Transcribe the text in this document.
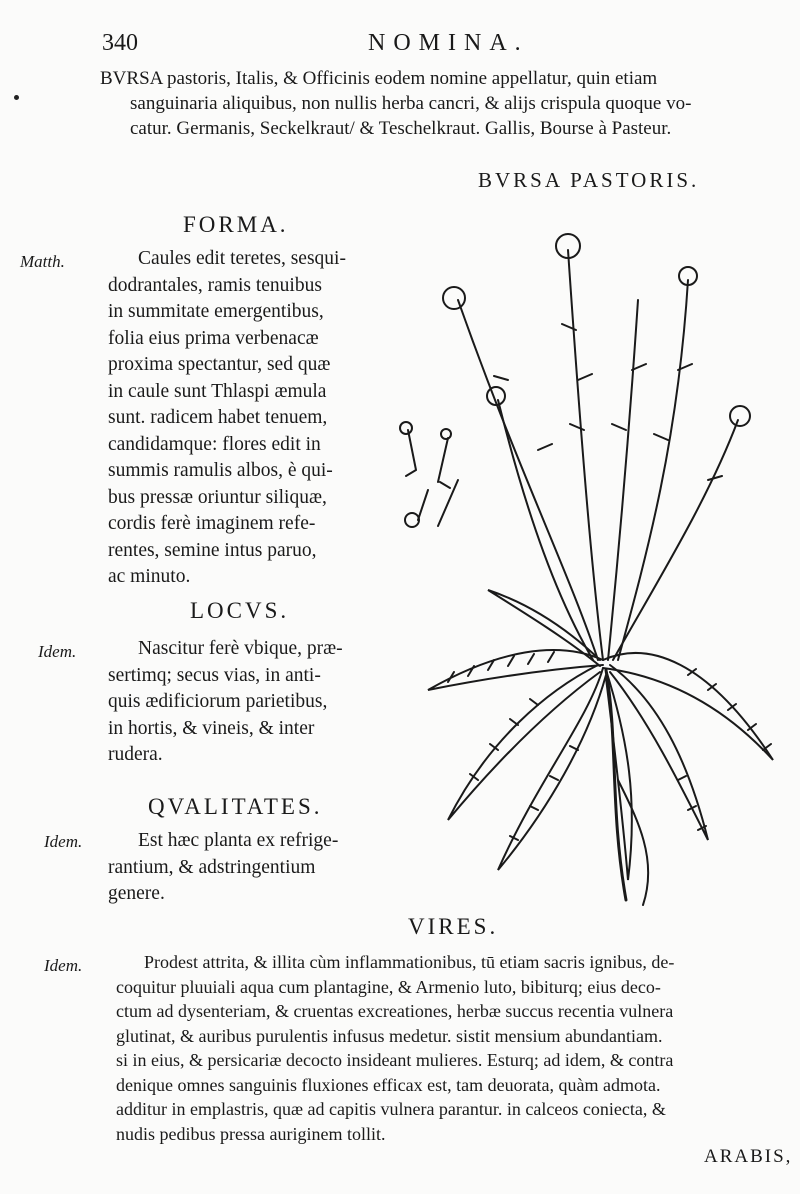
340	NOMINA.
BVRSA pastoris, Italis, & Officinis eodem nomine appellatur, quin etiam
sanguinaria aliquibus, non nullis herba cancri, & alijs crispula quoque vo-
catur. Germanis, Seckelkraut/ & Teschelkraut. Gallis, Bourse à Pasteur.
BVRSA PASTORIS.
FORMA.
Matth.	Caules edit teretes, sesqui-
dodrantales, ramis tenuibus
in summitate emergentibus,
folia eius prima verbenacæ
proxima spectantur, sed quæ
in caule sunt Thlaspi æmula
sunt. radicem habet tenuem,
candidamque: flores edit in
summis ramulis albos, è qui-
bus pressæ oriuntur siliquæ,
cordis ferè imaginem refe-
rentes, semine intus paruo,
ac minuto.
LOCVS.
Idem.	Nascitur ferè vbique, præ-
sertimq; secus vias, in anti-
quis ædificiorum parietibus,
in hortis, & vineis, & inter
rudera.
QVALITATES.
Idem.	Est hæc planta ex refrige-
rantium, & adstringentium
genere.
VIRES.
Idem.	Prodest attrita, & illita cùm inflammationibus, tū etiam sacris ignibus, de-
coquitur pluuiali aqua cum plantagine, & Armenio luto, bibiturq; eius deco-
ctum ad dysenteriam, & cruentas excreationes, herbæ succus recentia vulnera
glutinat, & auribus purulentis infusus medetur. sistit mensium abundantiam.
si in eius, & persicariæ decocto insideant mulieres. Esturq; ad idem, & contra
denique omnes sanguinis fluxiones efficax est, tam deuorata, quàm admota.
additur in emplastris, quæ ad capitis vulnera parantur. in calceos coniecta, &
nudis pedibus pressa auriginem tollit.
ARABIS,
